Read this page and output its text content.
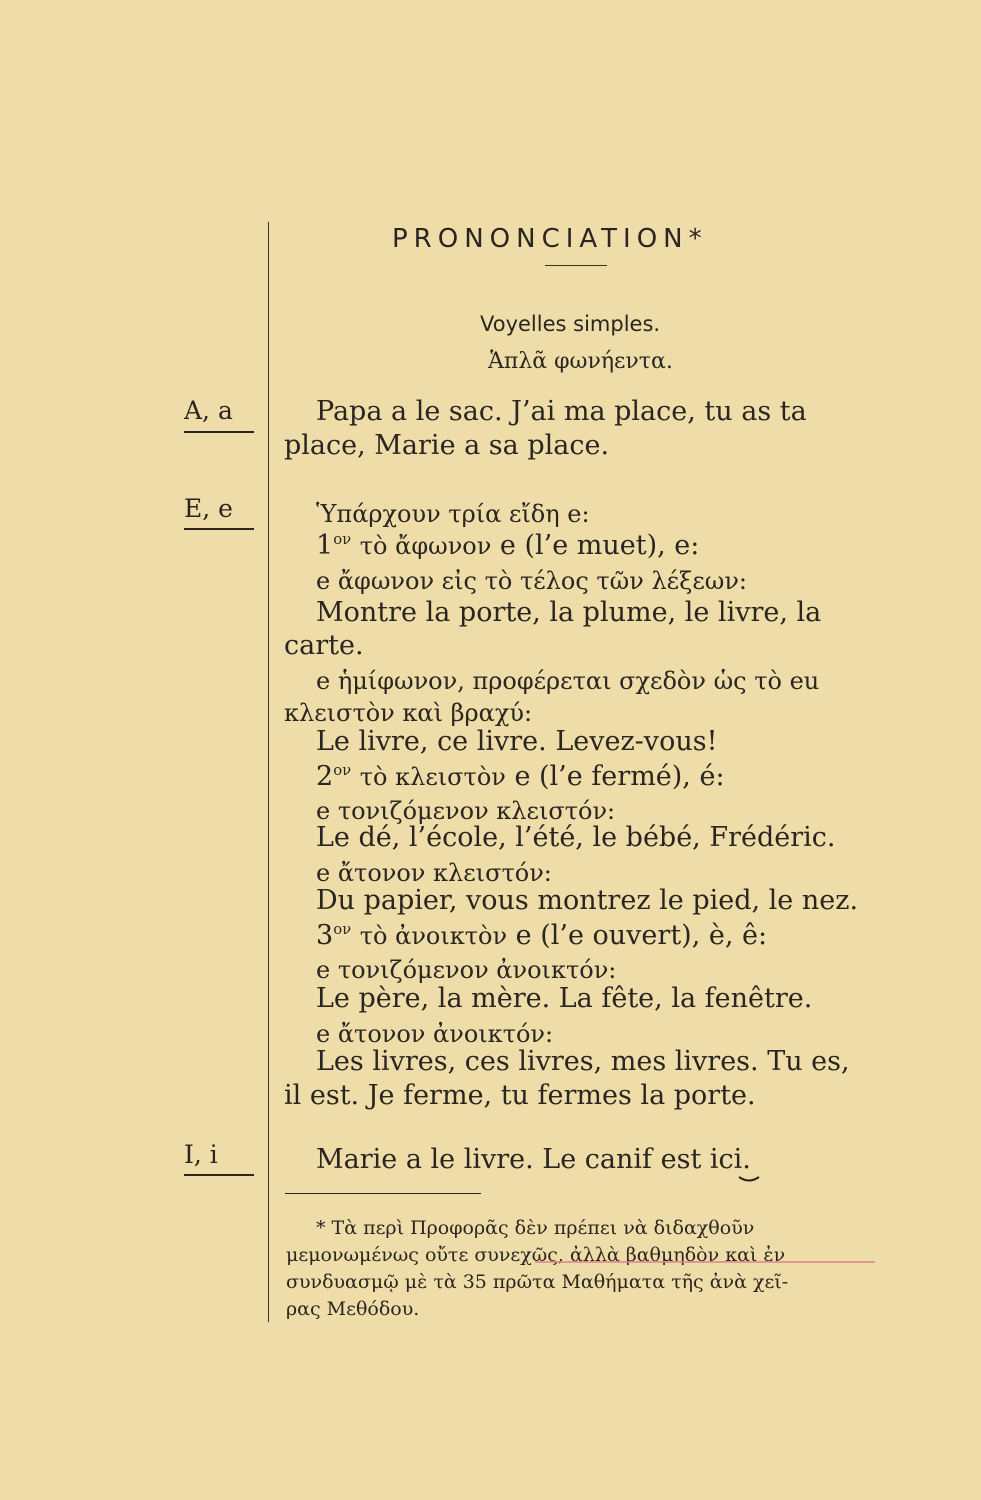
PRONONCIATION*
Voyelles simples.
Ἁπλᾶ φωνήεντα.
A, a	Papa a le sac. J’ai ma place, tu as ta
place, Marie a sa place.
E, e	Ὑπάρχουν τρία εἴδη e:
$1^{o\nu}$ τὸ ἄφωνον e (l’e muet), e:
e ἄφωνον εἰς τὸ τέλος τῶν λέξεων:
Montre la porte, la plume, le livre, la
carte.
e ἡμίφωνον, προφέρεται σχεδὸν ὡς τὸ eu
κλειστὸν καὶ βραχύ:
Le livre, ce livre. Levez-vous!
$2^{o\nu}$ τὸ κλειστὸν e (l’e fermé), é:
e τονιζόμενον κλειστόν:
Le dé, l’école, l’été, le bébé, Frédéric.
e ἄτονον κλειστόν:
Du papier, vous montrez le pied, le nez.
$3^{o\nu}$ τὸ ἀνοικτὸν e (l’e ouvert), è, ê:
e τονιζόμενον ἀνοικτόν:
Le père, la mère. La fête, la fenêtre.
e ἄτονον ἀνοικτόν:
Les livres, ces livres, mes livres. Tu es,
il est. Je ferme, tu fermes la porte.
I, i	Marie a le livre. Le canif est ici.
* Τὰ περὶ Προφορᾶς δὲν πρέπει νὰ διδαχθοῦν
μεμονωμένως οὔτε συνεχῶς, ἀλλὰ βαθμηδὸν καὶ ἐν
συνδυασμῷ μὲ τὰ 35 πρῶτα Μαθήματα τῆς ἀνὰ χεῖ-
ρας Μεθόδου.
